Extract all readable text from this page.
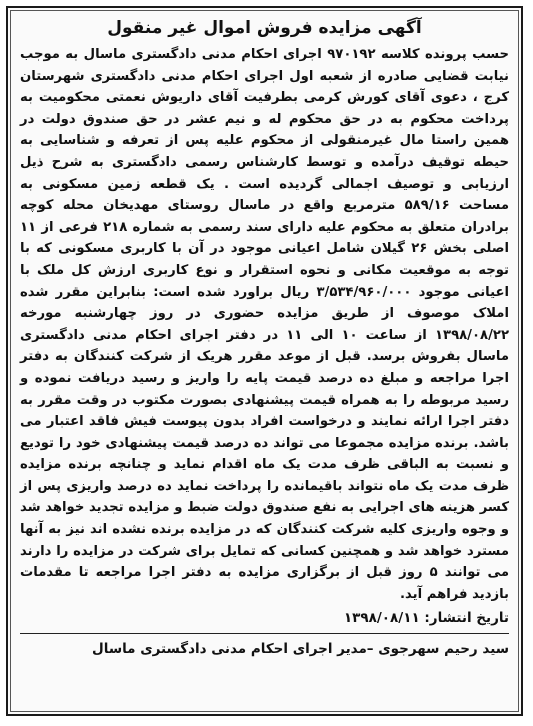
آگهی مزایده فروش اموال غیر منقول

حسب پرونده کلاسه ۹۷۰۱۹۲ اجرای احکام مدنی دادگستری ماسال به موجب نیابت قضایی صادره از شعبه اول اجرای احکام مدنی دادگستری شهرستان کرج ، دعوی آقای کورش کرمی بطرفیت آقای داریوش نعمتی محکومیت به پرداخت محکوم به در حق محکوم له و نیم عشر در حق صندوق دولت در همین راستا مال غیرمنقولی از محکوم علیه پس از تعرفه و شناسایی به حیطه توقیف درآمده و توسط کارشناس رسمی دادگستری به شرح ذیل ارزیابی و توصیف اجمالی گردیده است . یک قطعه زمین مسکونی به مساحت ۵۸۹/۱۶ مترمربع واقع در ماسال روستای مهدیخان محله کوچه برادران متعلق به محکوم علیه دارای سند رسمی به شماره ۲۱۸ فرعی از ۱۱ اصلی بخش ۲۶ گیلان شامل اعیانی موجود در آن با کاربری مسکونی که با توجه به موقعیت مکانی و نحوه استقرار و نوع کاربری ارزش کل ملک با اعیانی موجود ۳/۵۳۴/۹۶۰/۰۰۰ ریال براورد شده است: بنابراین مقرر شده املاک موصوف از طریق مزایده حضوری در روز چهارشنبه مورخه ۱۳۹۸/۰۸/۲۲ از ساعت ۱۰ الی ۱۱ در دفتر اجرای احکام مدنی دادگستری ماسال بفروش برسد. قبل از موعد مقرر هریک از شرکت کنندگان به دفتر اجرا مراجعه و مبلغ ده درصد قیمت پایه را واریز و رسید دریافت نموده و رسید مربوطه را به همراه قیمت پیشنهادی بصورت مکتوب در وقت مقرر به دفتر اجرا ارائه نمایند و درخواست افراد بدون پیوست فیش فاقد اعتبار می باشد. برنده مزایده مجموعا می تواند ده درصد قیمت پیشنهادی خود را تودیع و نسبت به الباقی ظرف مدت یک ماه اقدام نماید و چنانچه برنده مزایده ظرف مدت یک ماه نتواند باقیمانده را پرداخت نماید ده درصد واریزی پس از کسر هزینه های اجرایی به نفع صندوق دولت ضبط و مزایده تجدید خواهد شد و وجوه واریزی کلیه شرکت کنندگان که در مزایده برنده نشده اند نیز به آنها مسترد خواهد شد و همچنین کسانی که تمایل برای شرکت در مزایده را دارند می توانند ۵ روز قبل از برگزاری مزایده به دفتر اجرا مراجعه تا مقدمات بازدید فراهم آید.

تاریخ انتشار: ۱۳۹۸/۰۸/۱۱

سید رحیم سهرجوی –مدیر اجرای احکام مدنی دادگستری ماسال
